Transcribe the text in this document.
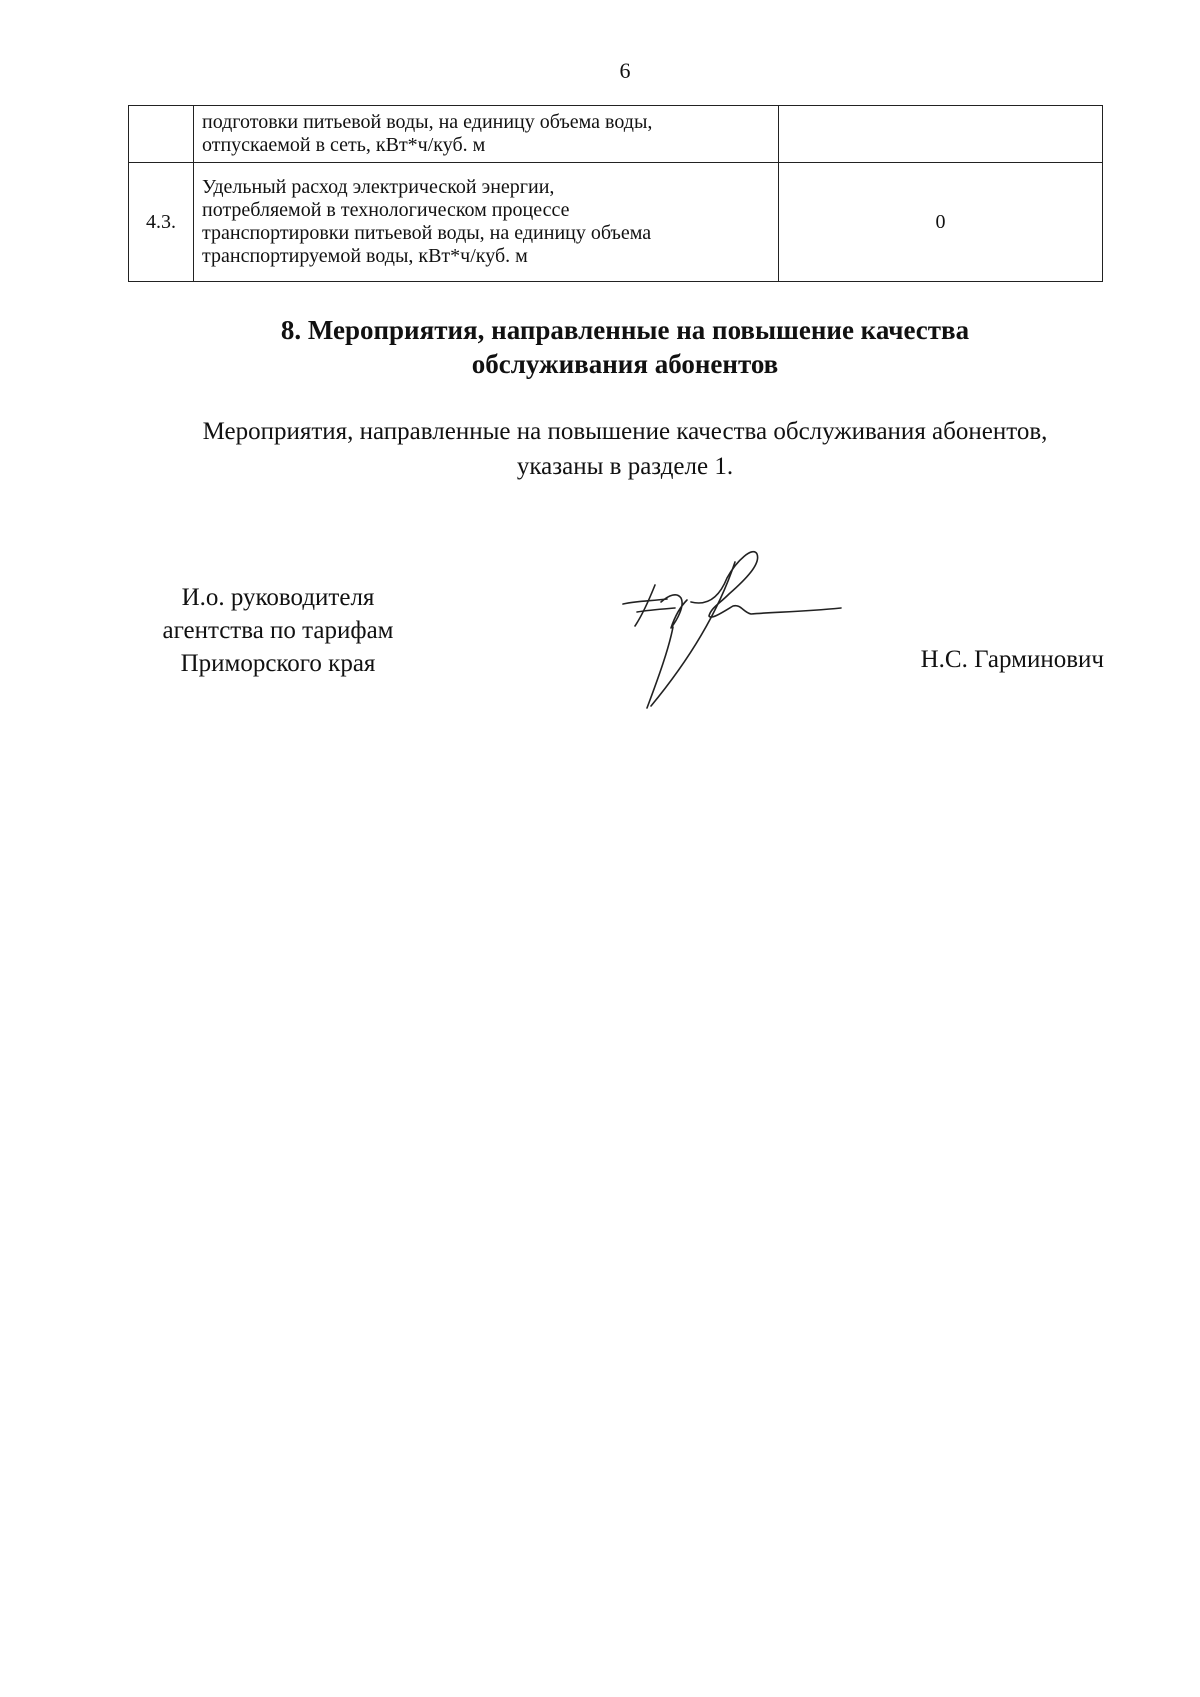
6

	подготовки питьевой воды, на единицу объема воды,
отпускаемой в сеть, кВт*ч/куб. м	

4.3.	Удельный расход электрической энергии,
потребляемой в технологическом процессе
транспортировки питьевой воды, на единицу объема
транспортируемой воды, кВт*ч/куб. м	0
8. Мероприятия, направленные на повышение качества
обслуживания абонентов
Мероприятия, направленные на повышение качества обслуживания абонентов,
указаны в разделе 1.
И.о. руководителя
агентства по тарифам
Приморского края	Н.С. Гарминович
